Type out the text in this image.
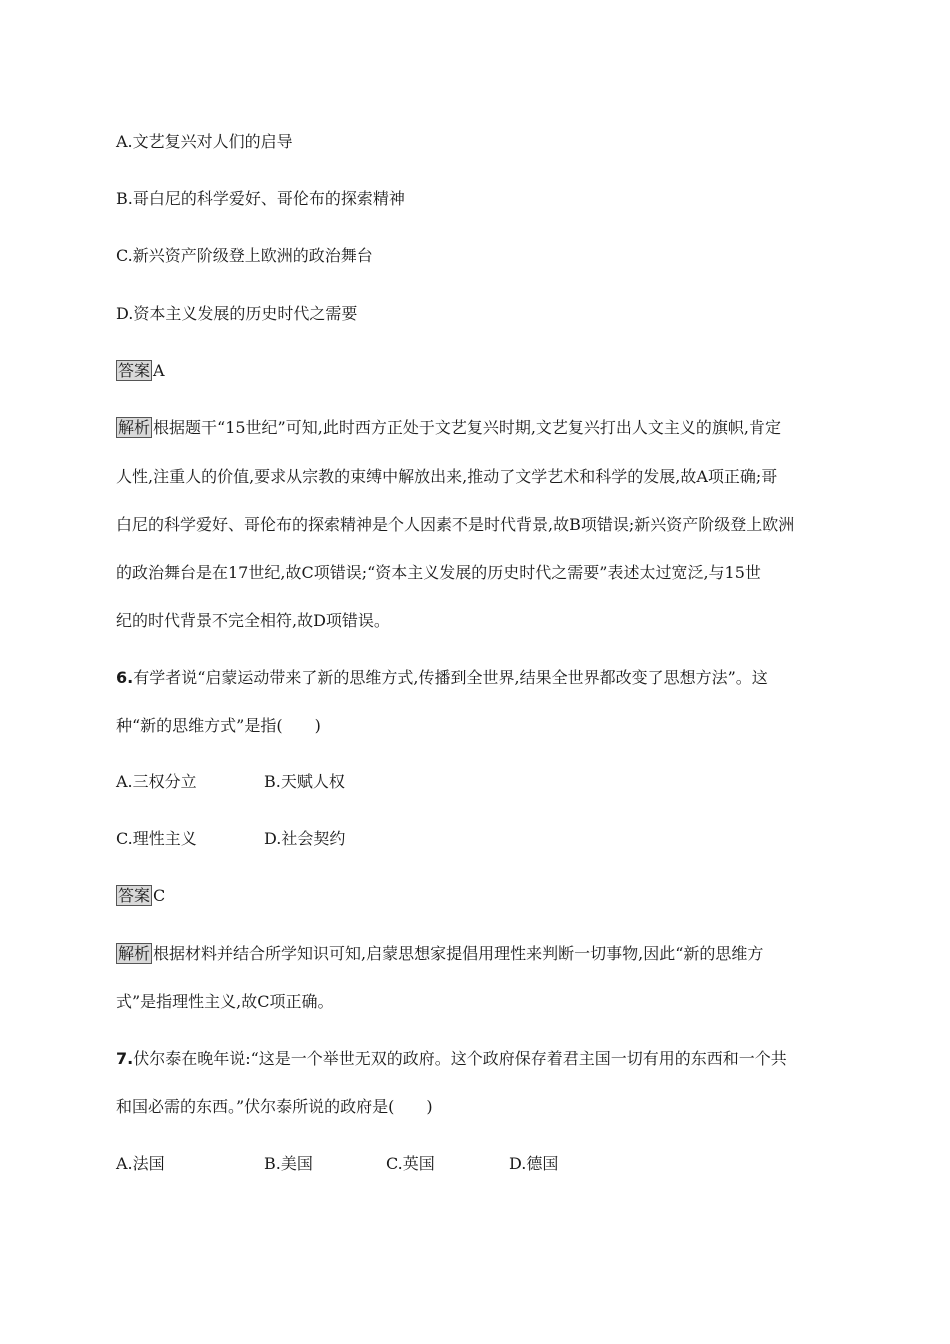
A.文艺复兴对人们的启导
B.哥白尼的科学爱好、哥伦布的探索精神
C.新兴资产阶级登上欧洲的政治舞台
D.资本主义发展的历史时代之需要
答案 A
解析 根据题干“15世纪”可知,此时西方正处于文艺复兴时期,文艺复兴打出人文主义的旗帜,肯定
人性,注重人的价值,要求从宗教的束缚中解放出来,推动了文学艺术和科学的发展,故A项正确;哥
白尼的科学爱好、哥伦布的探索精神是个人因素不是时代背景,故B项错误;新兴资产阶级登上欧洲
的政治舞台是在17世纪,故C项错误;“资本主义发展的历史时代之需要”表述太过宽泛,与15世
纪的时代背景不完全相符,故D项错误。
6.有学者说“启蒙运动带来了新的思维方式,传播到全世界,结果全世界都改变了思想方法”。这
种“新的思维方式”是指(　　)
A.三权分立	B.天赋人权
C.理性主义	D.社会契约
答案 C
解析 根据材料并结合所学知识可知,启蒙思想家提倡用理性来判断一切事物,因此“新的思维方
式”是指理性主义,故C项正确。
7.伏尔泰在晚年说:“这是一个举世无双的政府。这个政府保存着君主国一切有用的东西和一个共
和国必需的东西。”伏尔泰所说的政府是(　　)
A.法国	B.美国	C.英国	D.德国
